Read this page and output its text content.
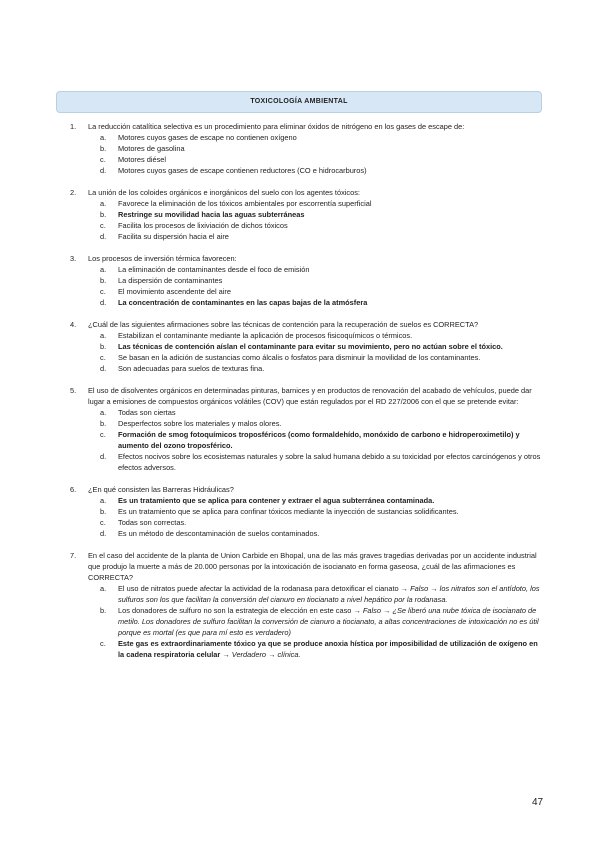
TOXICOLOGÍA AMBIENTAL
1. La reducción catalítica selectiva es un procedimiento para eliminar óxidos de nitrógeno en los gases de escape de:
a. Motores cuyos gases de escape no contienen oxígeno
b. Motores de gasolina
c. Motores diésel
d. Motores cuyos gases de escape contienen reductores (CO e hidrocarburos)
2. La unión de los coloides orgánicos e inorgánicos del suelo con los agentes tóxicos:
a. Favorece la eliminación de los tóxicos ambientales por escorrentía superficial
b. Restringe su movilidad hacia las aguas subterráneas
c. Facilita los procesos de lixiviación de dichos tóxicos
d. Facilita su dispersión hacia el aire
3. Los procesos de inversión térmica favorecen:
a. La eliminación de contaminantes desde el foco de emisión
b. La dispersión de contaminantes
c. El movimiento ascendente del aire
d. La concentración de contaminantes en las capas bajas de la atmósfera
4. ¿Cuál de las siguientes afirmaciones sobre las técnicas de contención para la recuperación de suelos es CORRECTA?
a. Estabilizan el contaminante mediante la aplicación de procesos fisicoquímicos o térmicos.
b. Las técnicas de contención aíslan el contaminante para evitar su movimiento, pero no actúan sobre el tóxico.
c. Se basan en la adición de sustancias como álcalis o fosfatos para disminuir la movilidad de los contaminantes.
d. Son adecuadas para suelos de texturas fina.
5. El uso de disolventes orgánicos en determinadas pinturas, barnices y en productos de renovación del acabado de vehículos, puede dar lugar a emisiones de compuestos orgánicos volátiles (COV) que están regulados por el RD 227/2006 con el que se pretende evitar:
a. Todas son ciertas
b. Desperfectos sobre los materiales y malos olores.
c. Formación de smog fotoquímicos troposféricos (como formaldehído, monóxido de carbono e hidroperoximetilo) y aumento del ozono troposférico.
d. Efectos nocivos sobre los ecosistemas naturales y sobre la salud humana debido a su toxicidad por efectos carcinógenos y otros efectos adversos.
6. ¿En qué consisten las Barreras Hidráulicas?
a. Es un tratamiento que se aplica para contener y extraer el agua subterránea contaminada.
b. Es un tratamiento que se aplica para confinar tóxicos mediante la inyección de sustancias solidificantes.
c. Todas son correctas.
d. Es un método de descontaminación de suelos contaminados.
7. En el caso del accidente de la planta de Union Carbide en Bhopal, una de las más graves tragedias derivadas por un accidente industrial que produjo la muerte a más de 20.000 personas por la intoxicación de isocianato en forma gaseosa, ¿cuál de las afirmaciones es CORRECTA?
a. El uso de nitratos puede afectar la actividad de la rodanasa para detoxificar el cianato → Falso → los nitratos son el antídoto, los sulfuros son los que facilitan la conversión del cianuro en tiocianato a nivel hepático por la rodanasa.
b. Los donadores de sulfuro no son la estrategia de elección en este caso → Falso → ¿Se liberó una nube tóxica de isocianato de metilo. Los donadores de sulfuro facilitan la conversión de cianuro a tiocianato, a altas concentraciones de intoxicación no es útil porque es mortal (es que para mí esto es verdadero)
c. Este gas es extraordinariamente tóxico ya que se produce anoxia hística por imposibilidad de utilización de oxígeno en la cadena respiratoria celular → Verdadero → clínica.
47
